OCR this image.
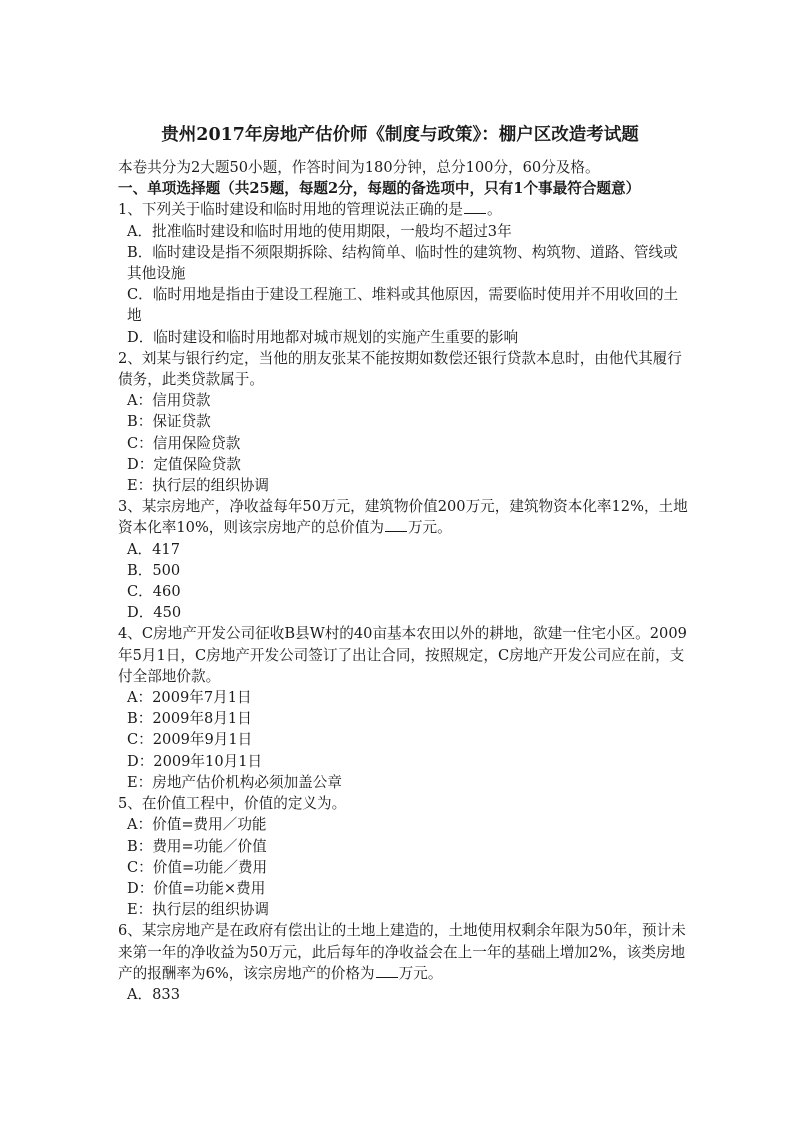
贵州2017年房地产估价师《制度与政策》：棚户区改造考试题

本卷共分为2大题50小题，作答时间为180分钟，总分100分，60分及格。

一、单项选择题（共25题，每题2分，每题的备选项中，只有1个事最符合题意）

1、下列关于临时建设和临时用地的管理说法正确的是 。

A．批准临时建设和临时用地的使用期限，一般均不超过3年

B．临时建设是指不须限期拆除、结构简单、临时性的建筑物、构筑物、道路、管线或其他设施

C．临时用地是指由于建设工程施工、堆料或其他原因，需要临时使用并不用收回的土地

D．临时建设和临时用地都对城市规划的实施产生重要的影响

2、刘某与银行约定，当他的朋友张某不能按期如数偿还银行贷款本息时，由他代其履行债务，此类贷款属于。

A：信用贷款

B：保证贷款

C：信用保险贷款

D：定值保险贷款

E：执行层的组织协调

3、某宗房地产，净收益每年50万元，建筑物价值200万元，建筑物资本化率12%，土地资本化率10%，则该宗房地产的总价值为 万元。

A．417

B．500

C．460

D．450

4、C房地产开发公司征收B县W村的40亩基本农田以外的耕地，欲建一住宅小区。2009年5月1日，C房地产开发公司签订了出让合同，按照规定，C房地产开发公司应在前，支付全部地价款。

A：2009年7月1日

B：2009年8月1日

C：2009年9月1日

D：2009年10月1日

E：房地产估价机构必须加盖公章

5、在价值工程中，价值的定义为。

A：价值=费用／功能

B：费用=功能／价值

C：价值=功能／费用

D：价值=功能×费用

E：执行层的组织协调

6、某宗房地产是在政府有偿出让的土地上建造的，土地使用权剩余年限为50年，预计未来第一年的净收益为50万元，此后每年的净收益会在上一年的基础上增加2%，该类房地产的报酬率为6%，该宗房地产的价格为 万元。

A．833
